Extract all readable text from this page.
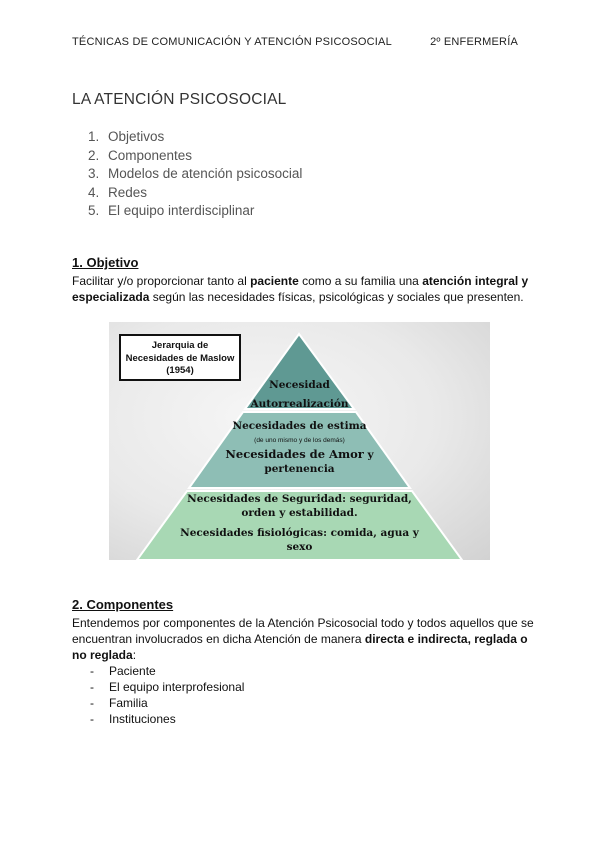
TÉCNICAS DE COMUNICACIÓN Y ATENCIÓN PSICOSOCIAL	2º ENFERMERÍA
LA ATENCIÓN PSICOSOCIAL
1. Objetivos
2. Componentes
3. Modelos de atención psicosocial
4. Redes
5. El equipo interdisciplinar
1. Objetivo
Facilitar y/o proporcionar tanto al paciente como a su familia una atención integral y especializada según las necesidades físicas, psicológicas y sociales que presenten.
Jerarquia de
Necesidades de Maslow
(1954)
Necesidad
Autorrealización
Necesidades de estima
(de uno mismo y de los demás)
Necesidades de Amor y
pertenencia
Necesidades de Seguridad: seguridad,
orden y estabilidad.
Necesidades fisiológicas: comida, agua y
sexo
2. Componentes
Entendemos por componentes de la Atención Psicosocial todo y todos aquellos que se encuentran involucrados en dicha Atención de manera directa e indirecta, reglada o no reglada:
- Paciente
- El equipo interprofesional
- Familia
- Instituciones
